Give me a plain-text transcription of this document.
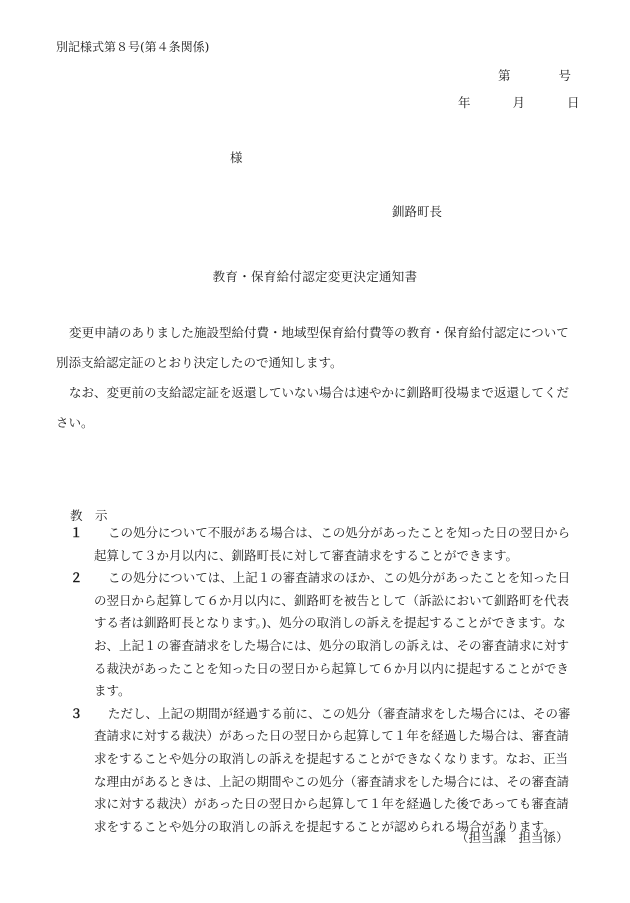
別記様式第８号(第４条関係)
第	号
年	月	日
様
釧路町長
教育・保育給付認定変更決定通知書

変更申請のありました施設型給付費・地域型保育給付費等の教育・保育給付認定について別添支給認定証のとおり決定したので通知します。

なお、変更前の支給認定証を返還していない場合は速やかに釧路町役場まで返還してください。

教　示
１	この処分について不服がある場合は、この処分があったことを知った日の翌日から起算して３か月以内に、釧路町長に対して審査請求をすることができます。
２	この処分については、上記１の審査請求のほか、この処分があったことを知った日の翌日から起算して６か月以内に、釧路町を被告として（訴訟において釧路町を代表する者は釧路町長となります。)、処分の取消しの訴えを提起することができます。なお、上記１の審査請求をした場合には、処分の取消しの訴えは、その審査請求に対する裁決があったことを知った日の翌日から起算して６か月以内に提起することができます。
３	ただし、上記の期間が経過する前に、この処分（審査請求をした場合には、その審査請求に対する裁決）があった日の翌日から起算して１年を経過した場合は、審査請求をすることや処分の取消しの訴えを提起することができなくなります。なお、正当な理由があるときは、上記の期間やこの処分（審査請求をした場合には、その審査請求に対する裁決）があった日の翌日から起算して１年を経過した後であっても審査請求をすることや処分の取消しの訴えを提起することが認められる場合があります。
（担当課　担当係）
